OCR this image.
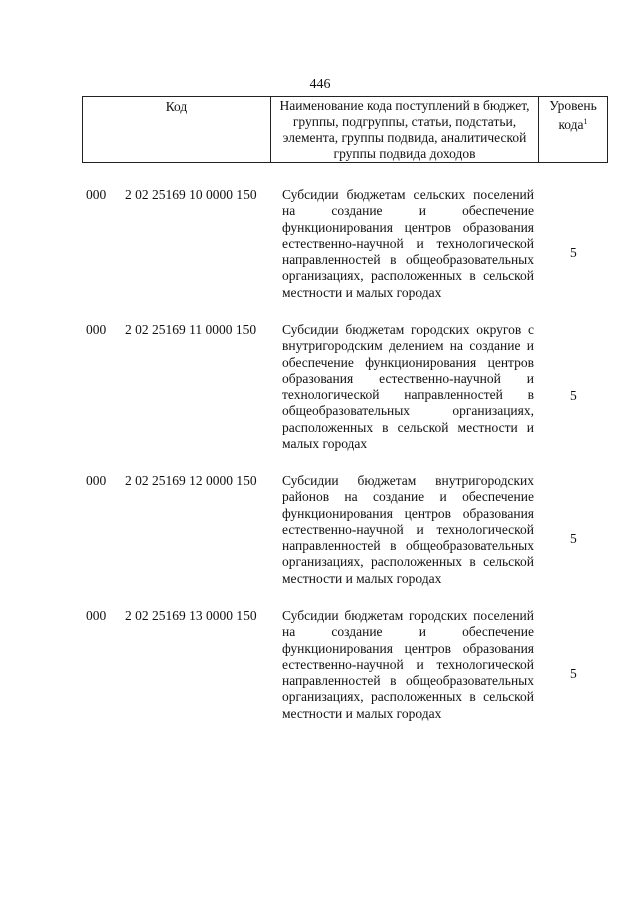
446
Код	Наименование кода поступлений в бюджет, группы, подгруппы, статьи, подстатьи, элемента, группы подвида, аналитической группы подвида доходов
Уровень кода$^1$
000 2 02 25169 10 0000 150 Субсидии бюджетам сельских поселений на создание и обеспечение функционирования центров образования естественно-научной и технологической направленностей в общеобразовательных организациях, расположенных в сельской местности и малых городах
5
000 2 02 25169 11 0000 150 Субсидии бюджетам городских округов с внутригородским делением на создание и обеспечение функционирования центров образования естественно-научной и технологической направленностей в общеобразовательных организациях, расположенных в сельской местности и малых городах
5
000 2 02 25169 12 0000 150 Субсидии бюджетам внутригородских районов на создание и обеспечение функционирования центров образования естественно-научной и технологической направленностей в общеобразовательных организациях, расположенных в сельской местности и малых городах
5
000 2 02 25169 13 0000 150 Субсидии бюджетам городских поселений на создание и обеспечение функционирования центров образования естественно-научной и технологической направленностей в общеобразовательных организациях, расположенных в сельской местности и малых городах
5
